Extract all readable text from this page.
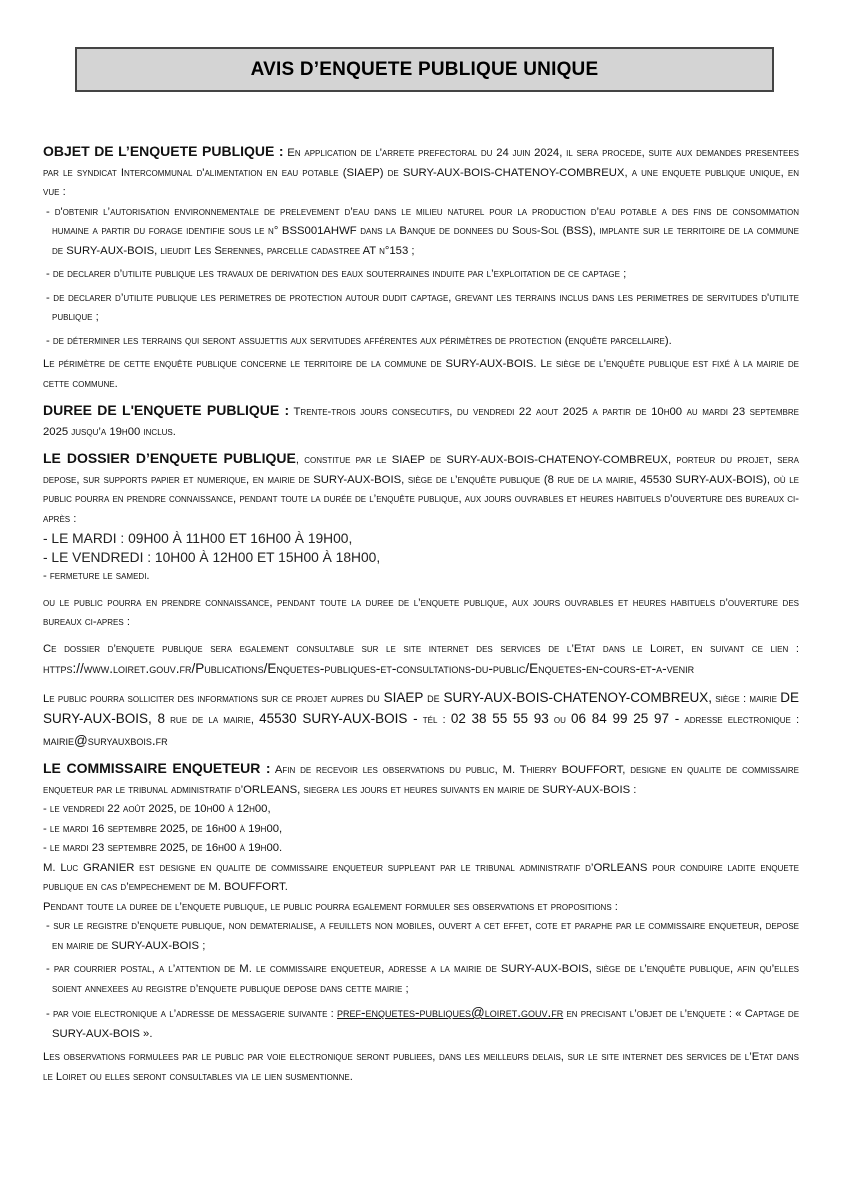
AVIS D’ENQUETE PUBLIQUE UNIQUE

OBJET DE L’ENQUETE PUBLIQUE : En application de l'arrete prefectoral du 24 juin 2024, il sera procede, suite aux demandes presentees par le syndicat Intercommunal d'alimentation en eau potable (SIAEP) de SURY-AUX-BOIS-CHATENOY-COMBREUX, a une enquete publique unique, en vue :

- d'obtenir l’autorisation environnementale de prelevement d’eau dans le milieu naturel pour la production d’eau potable a des fins de consommation humaine a partir du forage identifie sous le n° BSS001AHWF dans la Banque de donnees du Sous-Sol (BSS), implante sur le territoire de la commune de SURY-AUX-BOIS, lieudit Les Serennes, parcelle cadastree AT n°153 ;

- de declarer d’utilite publique les travaux de derivation des eaux souterraines induite par l’exploitation de ce captage ;

- de declarer d’utilite publique les perimetres de protection autour dudit captage, grevant les terrains inclus dans les perimetres de servitudes d'utilite publique ;

- de déterminer les terrains qui seront assujettis aux servitudes afférentes aux périmètres de protection (enquête parcellaire).

Le périmètre de cette enquête publique concerne le territoire de la commune de SURY-AUX-BOIS. Le siège de l’enquête publique est fixé à la mairie de cette commune.

DUREE DE L'ENQUETE PUBLIQUE : Trente-trois jours consecutifs, du vendredi 22 aout 2025 a partir de 10h00 au mardi 23 septembre 2025 jusqu’a 19h00 inclus.

LE DOSSIER D’ENQUETE PUBLIQUE, constitue par le SIAEP de SURY-AUX-BOIS-CHATENOY-COMBREUX, porteur du projet, sera depose, sur supports papier et numerique, en mairie de SURY-AUX-BOIS, siège de l’enquête publique (8 rue de la mairie, 45530 SURY-AUX-BOIS), où le public pourra en prendre connaissance, pendant toute la durée de l’enquête publique, aux jours ouvrables et heures habituels d’ouverture des bureaux ci-après :

- LE MARDI : 09H00 À 11H00 ET 16H00 À 19H00,

- LE VENDREDI : 10H00 À 12H00 ET 15H00 À 18H00,

- fermeture le samedi.

ou le public pourra en prendre connaissance, pendant toute la duree de l’enquete publique, aux jours ouvrables et heures habituels d’ouverture des bureaux ci-apres :

Ce dossier d’enquete publique sera egalement consultable sur le site internet des services de l’Etat dans le Loiret, en suivant ce lien : https://www.loiret.gouv.fr/Publications/Enquetes-publiques-et-consultations-du-public/Enquetes-en-cours-et-a-venir

Le public pourra solliciter des informations sur ce projet aupres du SIAEP de SURY-AUX-BOIS-CHATENOY-COMBREUX, siège : mairie DE SURY-AUX-BOIS, 8 rue de la mairie, 45530 SURY-AUX-BOIS - tél : 02 38 55 55 93 ou 06 84 99 25 97 - adresse electronique : mairie@suryauxbois.fr

LE COMMISSAIRE ENQUETEUR : Afin de recevoir les observations du public, M. Thierry BOUFFORT, designe en qualite de commissaire enqueteur par le tribunal administratif d’ORLEANS, siegera les jours et heures suivants en mairie de SURY-AUX-BOIS :

- le vendredi 22 août 2025, de 10h00 à 12h00,

- le mardi 16 septembre 2025, de 16h00 à 19h00,

- le mardi 23 septembre 2025, de 16h00 à 19h00.

M. Luc GRANIER est designe en qualite de commissaire enqueteur suppleant par le tribunal administratif d’ORLEANS pour conduire ladite enquete publique en cas d’empechement de M. BOUFFORT.

Pendant toute la duree de l’enquete publique, le public pourra egalement formuler ses observations et propositions :

- sur le registre d’enquete publique, non dematerialise, a feuillets non mobiles, ouvert a cet effet, cote et paraphe par le commissaire enqueteur, depose en mairie de SURY-AUX-BOIS ;

- par courrier postal, a l’attention de M. le commissaire enqueteur, adresse a la mairie de SURY-AUX-BOIS, siège de l’enquête publique, afin qu’elles soient annexees au registre d’enquete publique depose dans cette mairie ;

- par voie electronique a l’adresse de messagerie suivante : pref-enquetes-publiques@loiret.gouv.fr en precisant l’objet de l’enquete : « Captage de SURY-AUX-BOIS ».

Les observations formulees par le public par voie electronique seront publiees, dans les meilleurs delais, sur le site internet des services de l’Etat dans le Loiret ou elles seront consultables via le lien susmentionne.
